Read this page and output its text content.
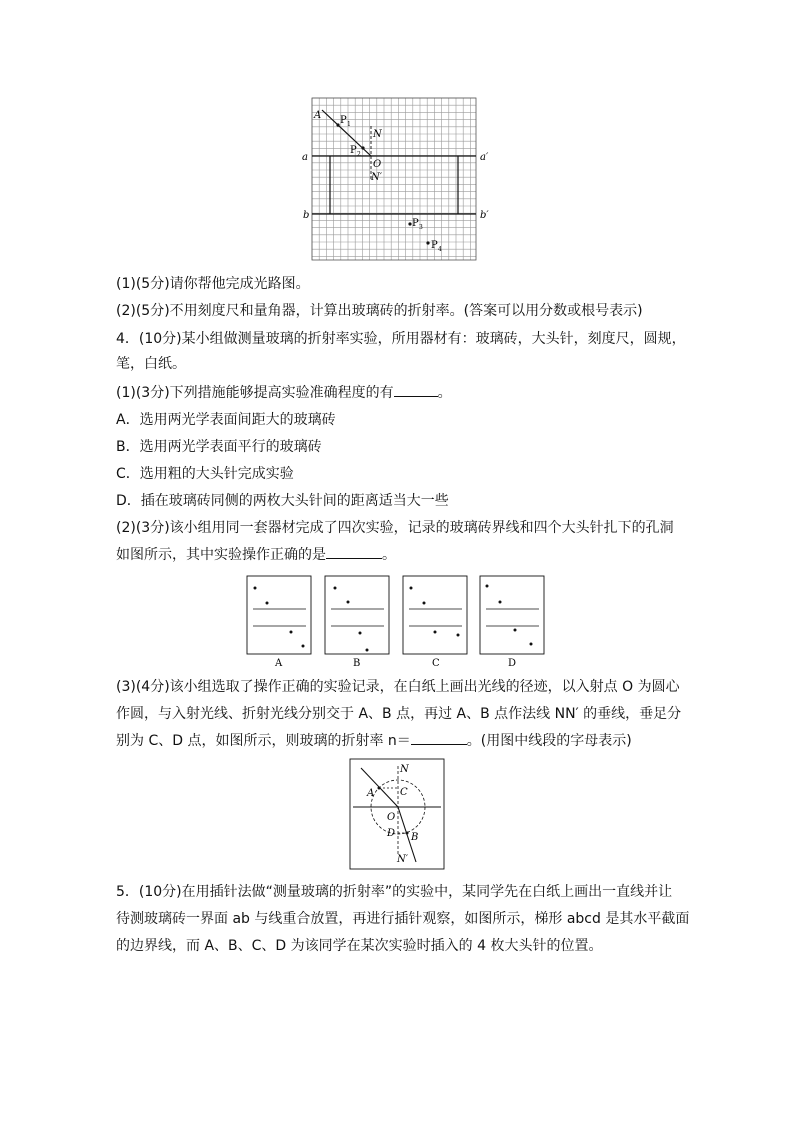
A P 1
N
P 2
O
N′
a	a′
b	b′
P 3
P 4
(1)(5分)请你帮他完成光路图。
(2)(5分)不用刻度尺和量角器，计算出玻璃砖的折射率。(答案可以用分数或根号表示)
4．(10分)某小组做测量玻璃的折射率实验，所用器材有：玻璃砖，大头针，刻度尺，圆规，
笔，白纸。
(1)(3分)下列措施能够提高实验准确程度的有	。
A．选用两光学表面间距大的玻璃砖
B．选用两光学表面平行的玻璃砖
C．选用粗的大头针完成实验
D．插在玻璃砖同侧的两枚大头针间的距离适当大一些
(2)(3分)该小组用同一套器材完成了四次实验，记录的玻璃砖界线和四个大头针扎下的孔洞
如图所示，其中实验操作正确的是	。
A	B	C	D
(3)(4分)该小组选取了操作正确的实验记录，在白纸上画出光线的径迹，以入射点 O 为圆心
作圆，与入射光线、折射光线分别交于 A、B 点，再过 A、B 点作法线 NN′ 的垂线，垂足分
别为 C、D 点，如图所示，则玻璃的折射率 n＝	。(用图中线段的字母表示)
N
A	C
O
D B
N′
5．(10分)在用插针法做“测量玻璃的折射率”的实验中，某同学先在白纸上画出一直线并让
待测玻璃砖一界面 ab 与线重合放置，再进行插针观察，如图所示，梯形 abcd 是其水平截面
的边界线，而 A、B、C、D 为该同学在某次实验时插入的 4 枚大头针的位置。
